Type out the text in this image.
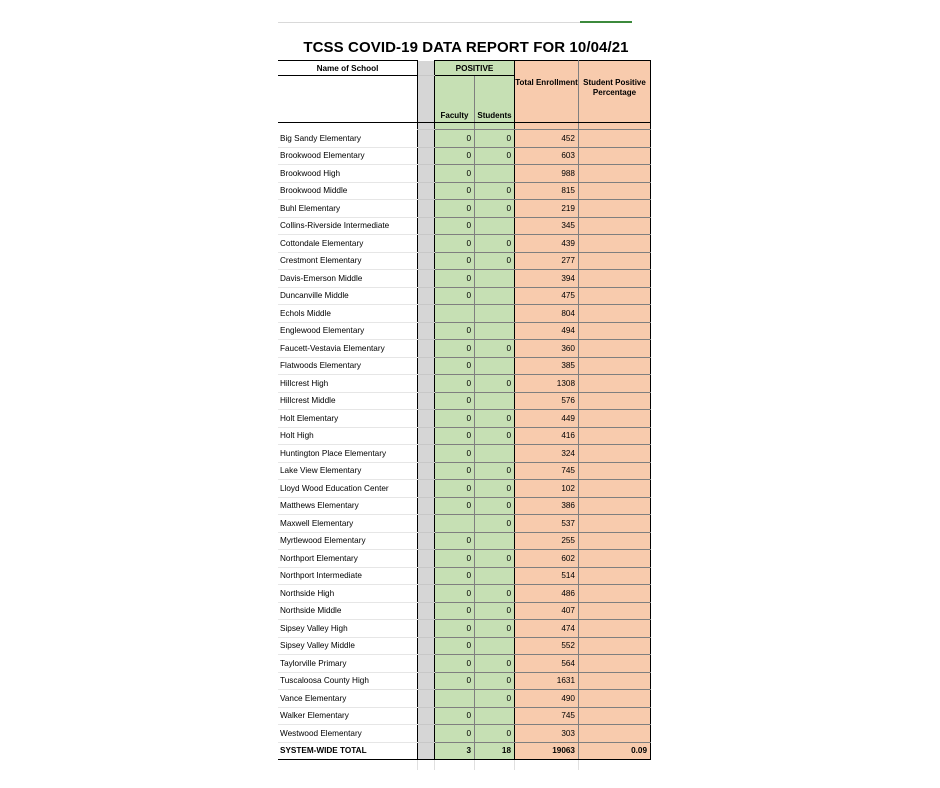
TCSS COVID-19 DATA REPORT FOR 10/04/21
Name of School		POSITIVE			
		Faculty	Students	Total Enrollment	Student Positive Percentage

Big Sandy Elementary		0	0	452	
Brookwood Elementary		0	0	603	
Brookwood High		0		988	
Brookwood Middle		0	0	815	
Buhl Elementary		0	0	219	
Collins-Riverside Intermediate		0		345	
Cottondale Elementary		0	0	439	
Crestmont Elementary		0	0	277	
Davis-Emerson Middle		0		394	
Duncanville Middle		0		475	
Echols Middle				804	
Englewood Elementary		0		494	
Faucett-Vestavia Elementary		0	0	360	
Flatwoods Elementary		0		385	
Hillcrest High		0	0	1308	
Hillcrest Middle		0		576	
Holt Elementary		0	0	449	
Holt High		0	0	416	
Huntington Place Elementary		0		324	
Lake View Elementary		0	0	745	
Lloyd Wood Education Center		0	0	102	
Matthews Elementary		0	0	386	
Maxwell Elementary			0	537	
Myrtlewood Elementary		0		255	
Northport Elementary		0	0	602	
Northport Intermediate		0		514	
Northside High		0	0	486	
Northside Middle		0	0	407	
Sipsey Valley High		0	0	474	
Sipsey Valley Middle		0		552	
Taylorville Primary		0	0	564	
Tuscaloosa County High		0	0	1631	
Vance Elementary			0	490	
Walker Elementary		0		745	
Westwood Elementary		0	0	303	
SYSTEM-WIDE TOTAL		3	18	19063	0.09
